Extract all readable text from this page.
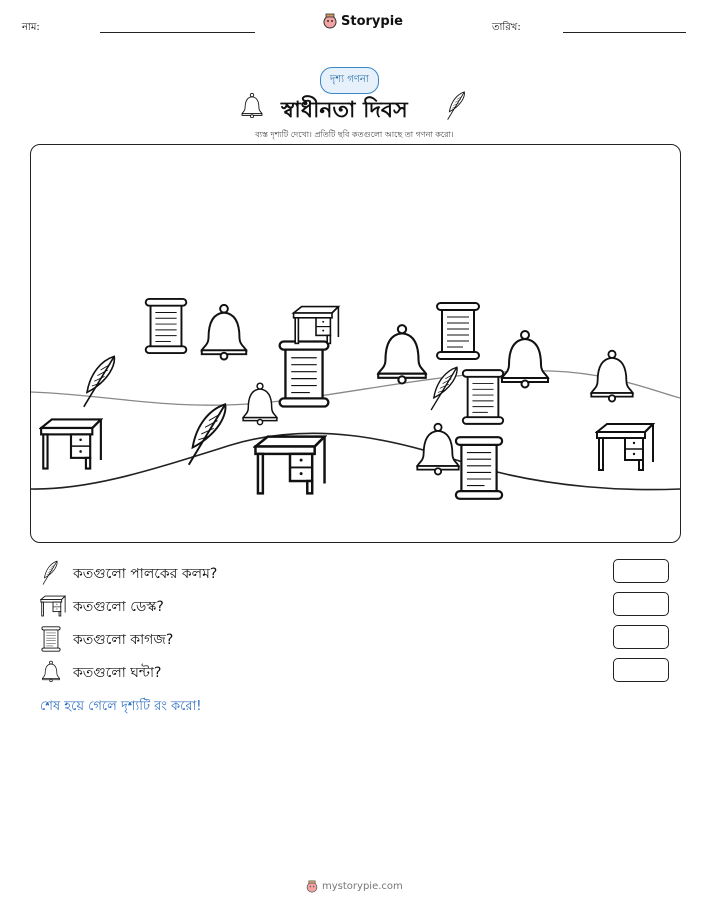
নাম:	Storypie	তারিখ:
দৃশ্য গণনা
স্বাধীনতা দিবস
ব্যস্ত দৃশ্যটি দেখো। প্রতিটি ছবি কতগুলো আছে তা গণনা করো।
কতগুলো পালকের কলম?
কতগুলো ডেস্ক?
কতগুলো কাগজ?
কতগুলো ঘন্টা?
শেষ হয়ে গেলে দৃশ্যটি রং করো!
mystorypie.com
